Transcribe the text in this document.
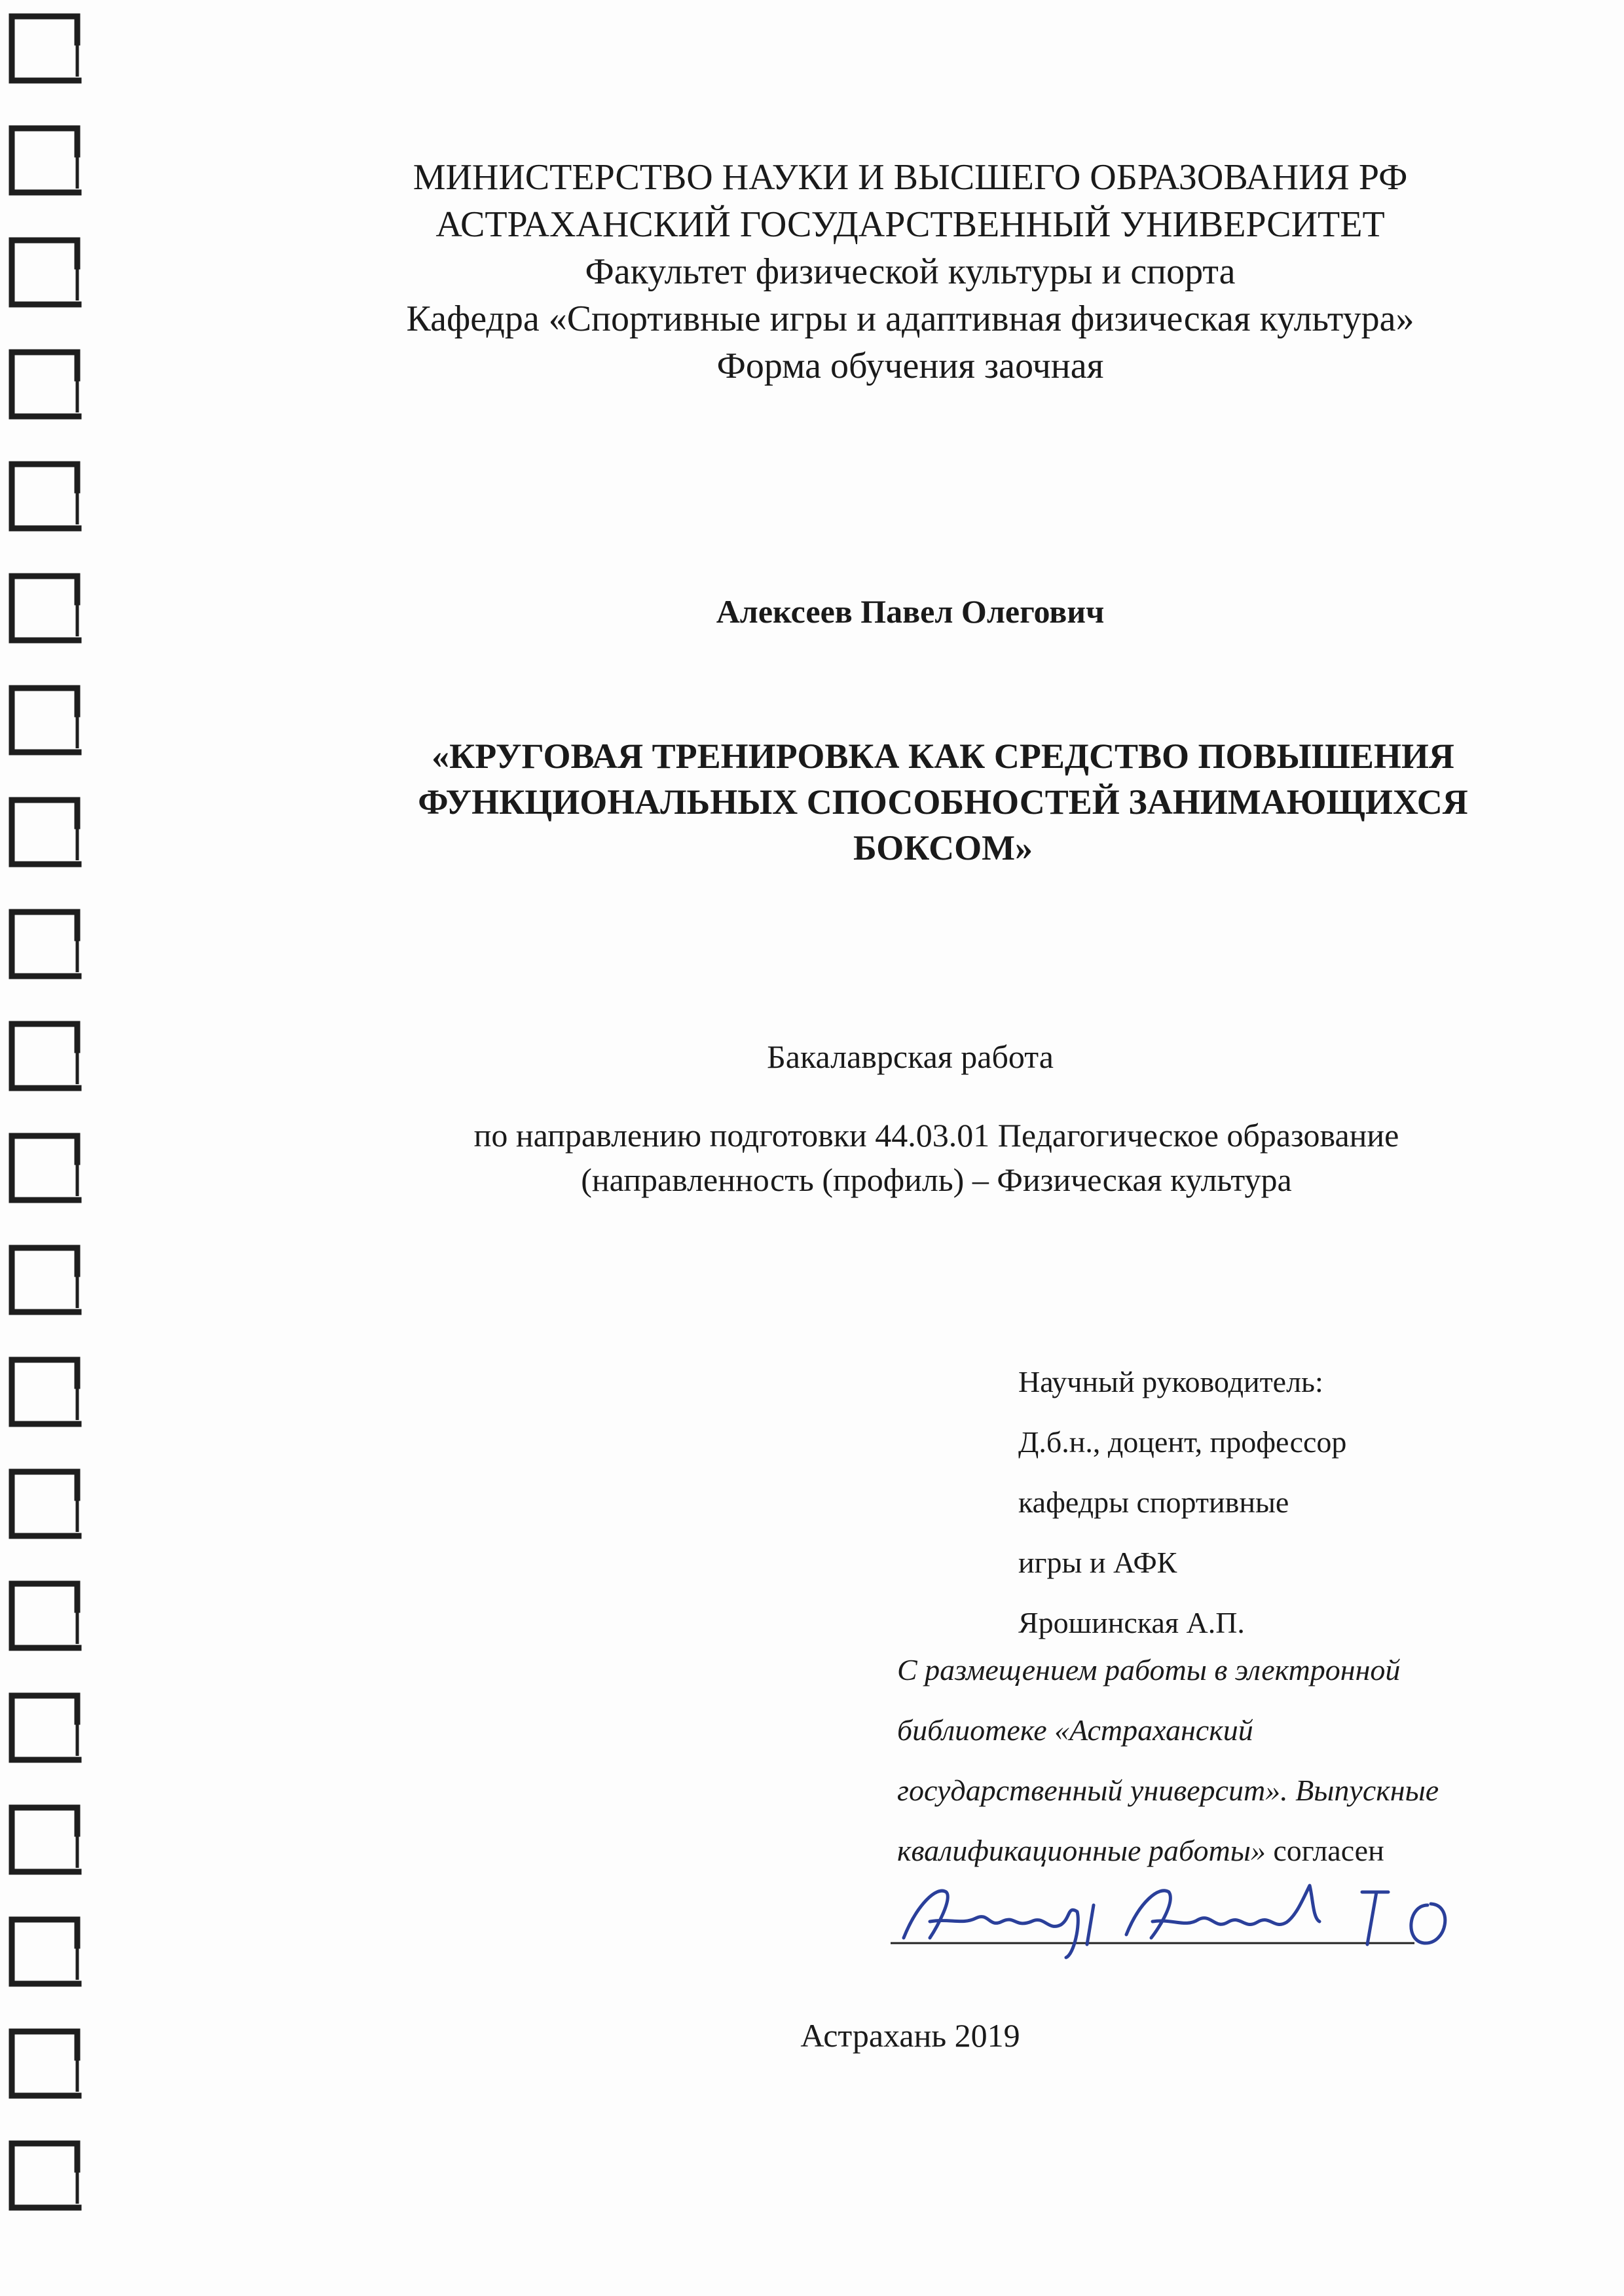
МИНИСТЕРСТВО НАУКИ И ВЫСШЕГО ОБРАЗОВАНИЯ РФ
АСТРАХАНСКИЙ ГОСУДАРСТВЕННЫЙ УНИВЕРСИТЕТ
Факультет физической культуры и спорта
Кафедра «Спортивные игры и адаптивная физическая культура»
Форма обучения заочная
Алексеев Павел Олегович
«КРУГОВАЯ ТРЕНИРОВКА КАК СРЕДСТВО ПОВЫШЕНИЯ
ФУНКЦИОНАЛЬНЫХ СПОСОБНОСТЕЙ ЗАНИМАЮЩИХСЯ
БОКСОМ»
Бакалаврская работа
по направлению подготовки 44.03.01 Педагогическое образование
(направленность (профиль) – Физическая культура
Научный руководитель:
Д.б.н., доцент, профессор
кафедры спортивные
игры и АФК
Ярошинская А.П.
С размещением работы в электронной
библиотеке «Астраханский
государственный университ». Выпускные
квалификационные работы» согласен
Астрахань 2019
